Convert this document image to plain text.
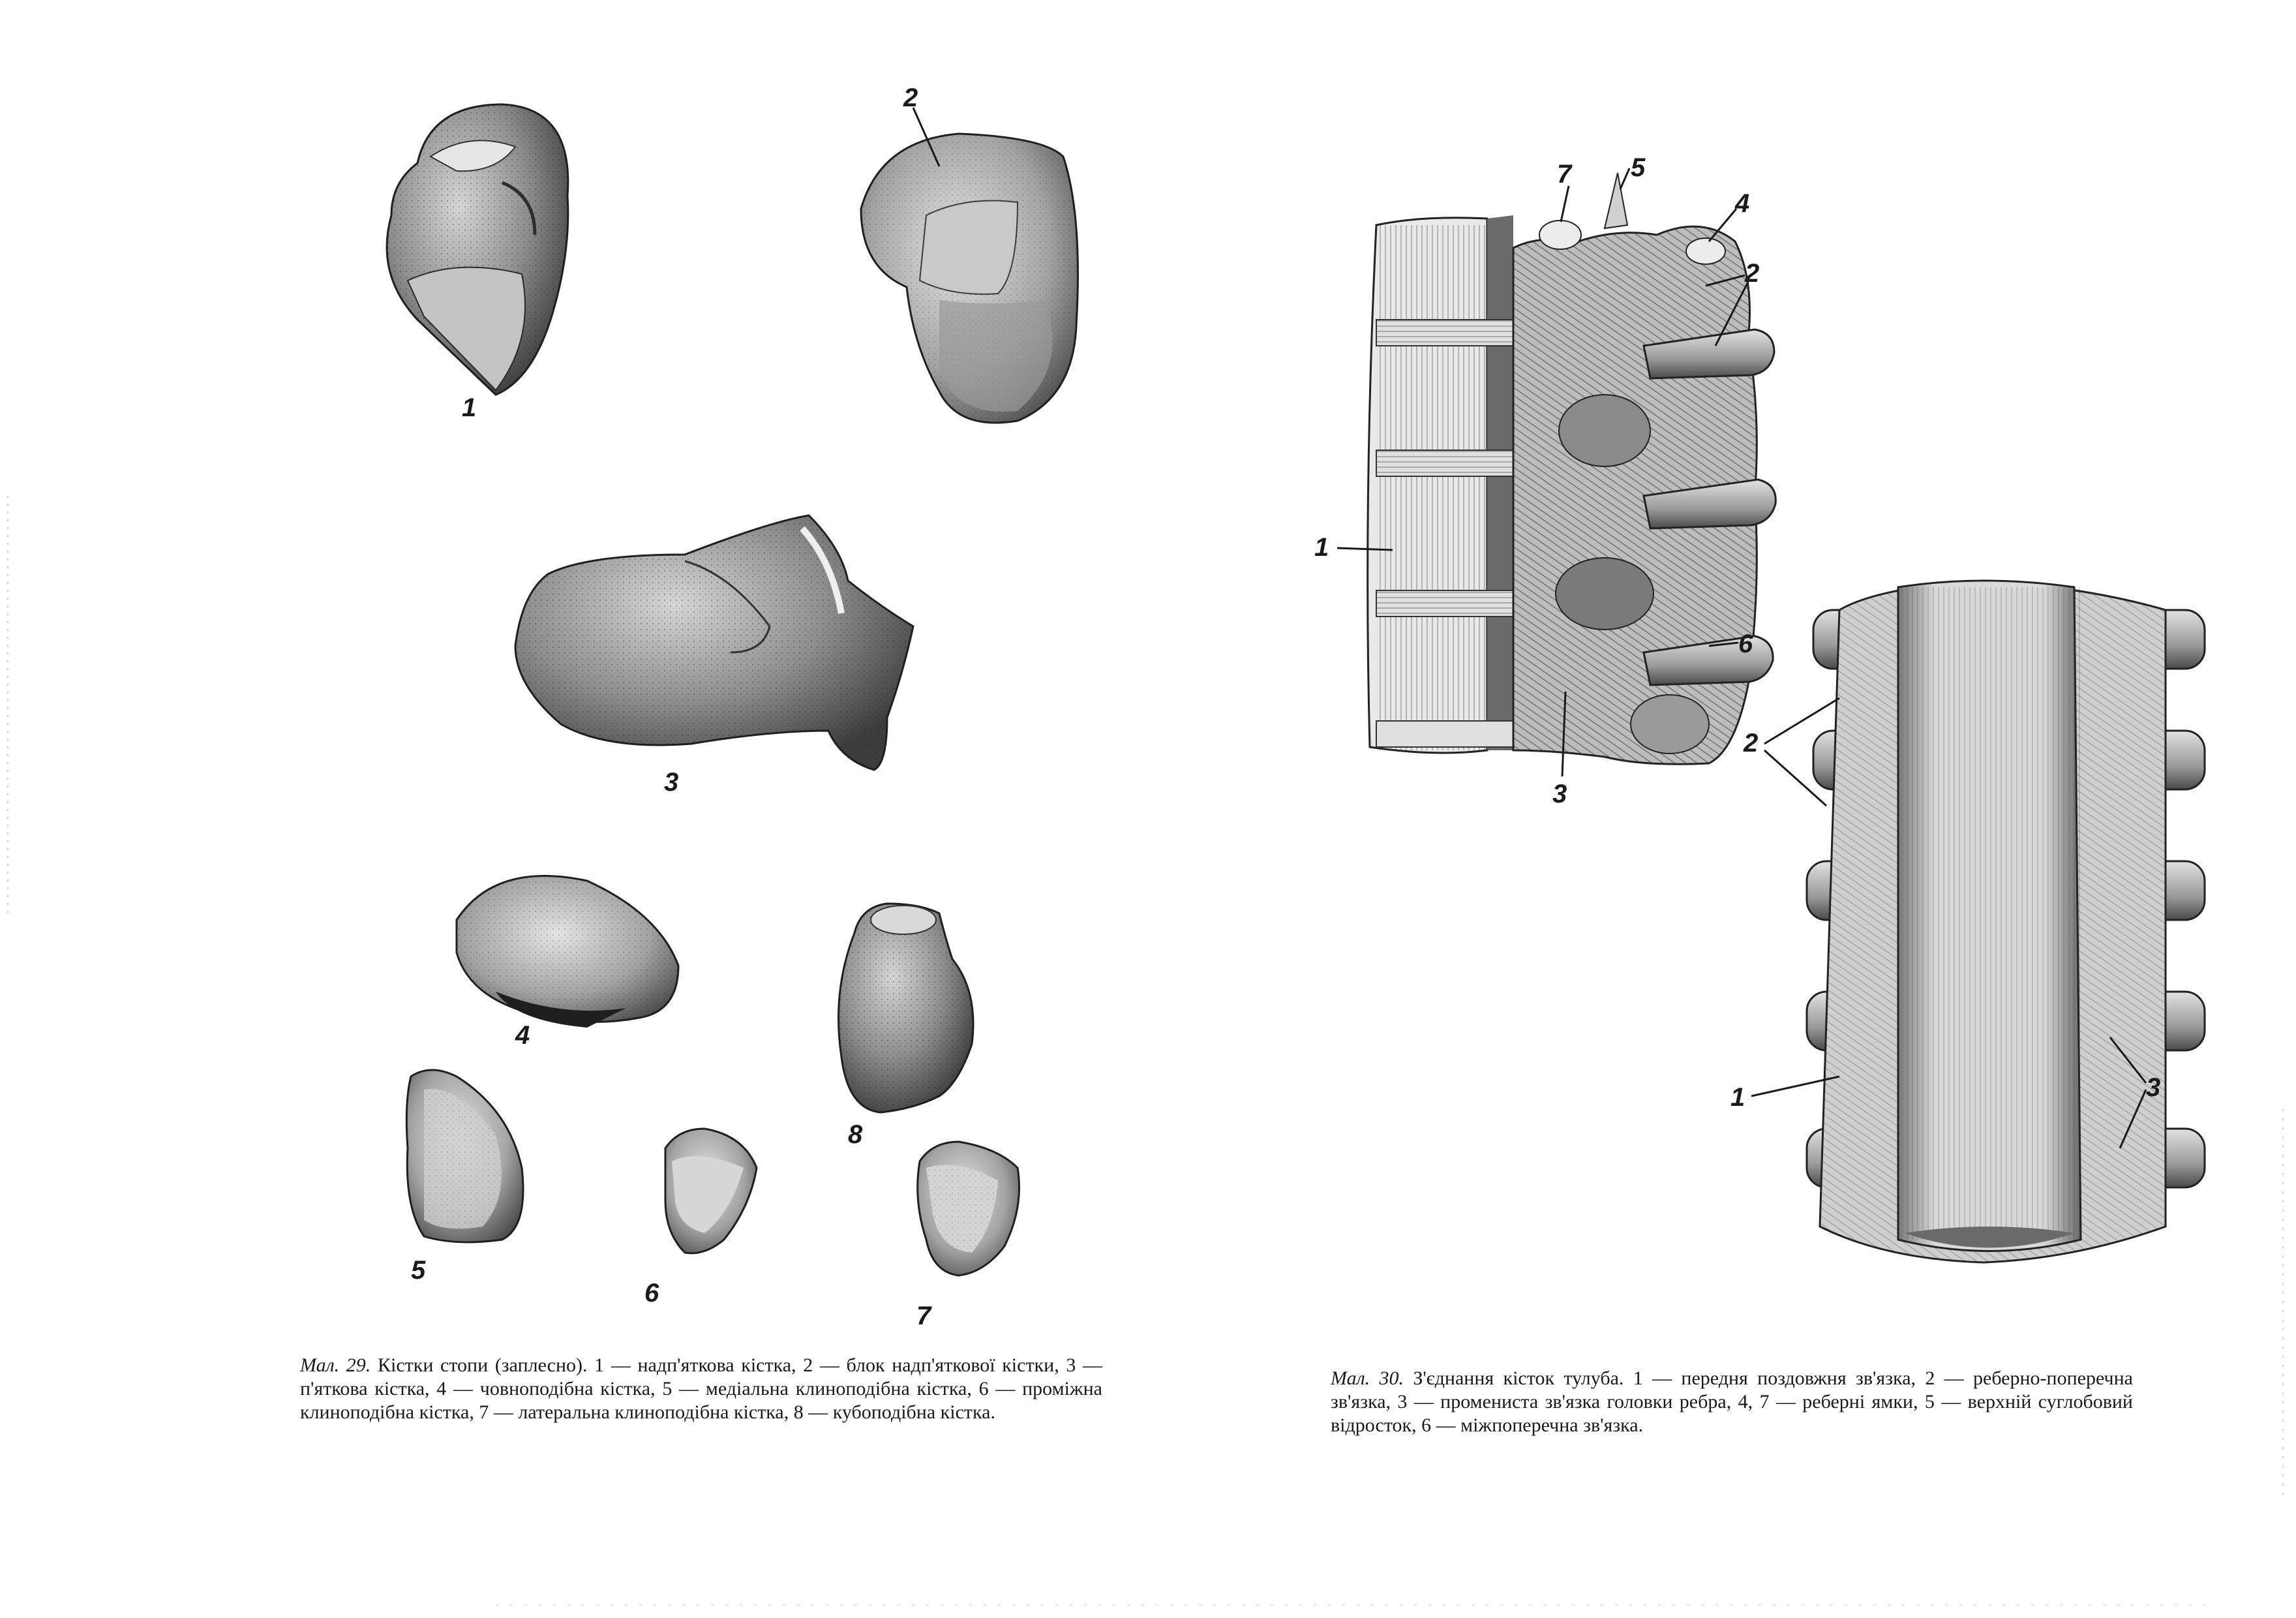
1
2
3
4
5
6
7
8
Мал. 29. Кістки стопи (заплесно). 1 — надп'яткова кістка, 2 — блок надп'яткової кістки, 3 — п'яткова кістка, 4 — човноподібна кістка, 5 — медіальна клиноподібна кістка, 6 — проміжна клиноподібна кістка, 7 — латеральна клиноподібна кістка, 8 — кубоподібна кістка.
7 5
4
2
1
6
3
2
1	3
Мал. 30. З'єднання кісток тулуба. 1 — передня поздовжня зв'язка, 2 — реберно-поперечна зв'язка, 3 — промениста зв'язка головки ребра, 4, 7 — реберні ямки, 5 — верхній суглобовий відросток, 6 — міжпоперечна зв'язка.
